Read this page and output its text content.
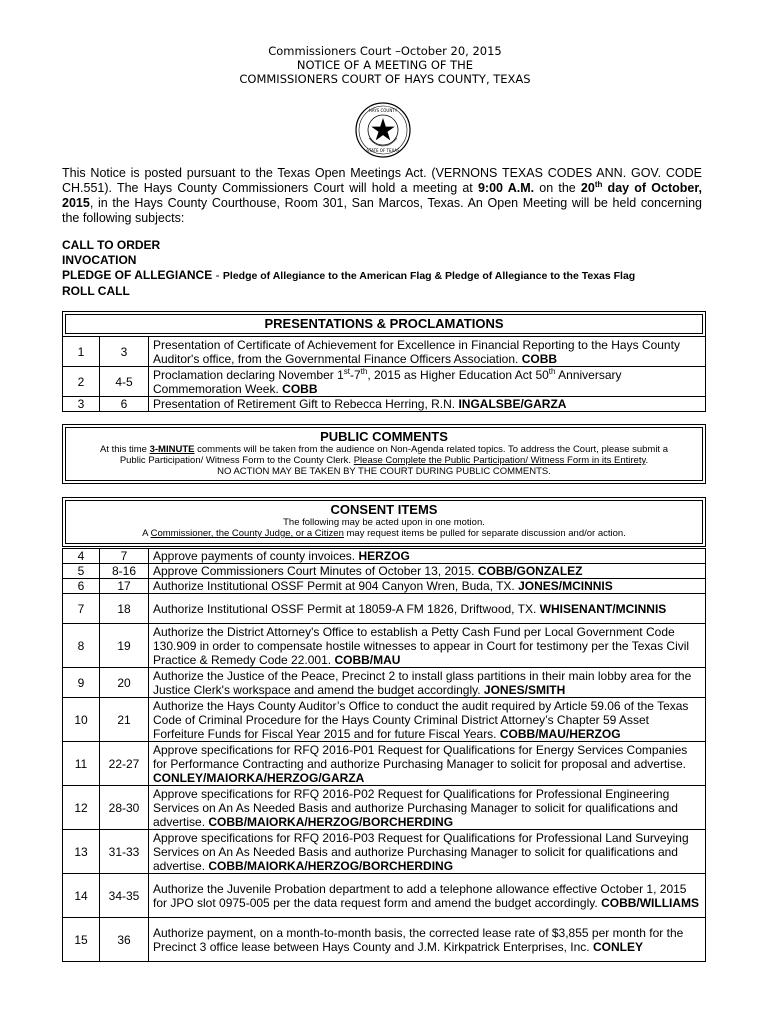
Commissioners Court –October 20, 2015
NOTICE OF A MEETING OF THE
COMMISSIONERS COURT OF HAYS COUNTY, TEXAS
HAYS COUNTY
STATE OF TEXAS
This Notice is posted pursuant to the Texas Open Meetings Act. (VERNONS TEXAS CODES ANN. GOV. CODE CH.551). The Hays County Commissioners Court will hold a meeting at 9:00 A.M. on the 20th day of October, 2015, in the Hays County Courthouse, Room 301, San Marcos, Texas. An Open Meeting will be held concerning the following subjects:
CALL TO ORDER
INVOCATION
PLEDGE OF ALLEGIANCE - Pledge of Allegiance to the American Flag & Pledge of Allegiance to the Texas Flag
ROLL CALL
PRESENTATIONS & PROCLAMATIONS
1	3	Presentation of Certificate of Achievement for Excellence in Financial Reporting to the Hays County Auditor's office, from the Governmental Finance Officers Association. COBB
2	4-5	Proclamation declaring November 1st-7th, 2015 as Higher Education Act 50th Anniversary Commemoration Week. COBB
3	6	Presentation of Retirement Gift to Rebecca Herring, R.N. INGALSBE/GARZA
PUBLIC COMMENTS
At this time 3-MINUTE comments will be taken from the audience on Non-Agenda related topics. To address the Court, please submit a
Public Participation/ Witness Form to the County Clerk. Please Complete the Public Participation/ Witness Form in its Entirety.
NO ACTION MAY BE TAKEN BY THE COURT DURING PUBLIC COMMENTS.
CONSENT ITEMS
The following may be acted upon in one motion.
A Commissioner, the County Judge, or a Citizen may request items be pulled for separate discussion and/or action.
4	7	Approve payments of county invoices. HERZOG
5	8-16	Approve Commissioners Court Minutes of October 13, 2015. COBB/GONZALEZ
6	17	Authorize Institutional OSSF Permit at 904 Canyon Wren, Buda, TX. JONES/MCINNIS
7	18	Authorize Institutional OSSF Permit at 18059-A FM 1826, Driftwood, TX. WHISENANT/MCINNIS
8	19	Authorize the District Attorney's Office to establish a Petty Cash Fund per Local Government Code 130.909 in order to compensate hostile witnesses to appear in Court for testimony per the Texas Civil Practice & Remedy Code 22.001. COBB/MAU
9	20	Authorize the Justice of the Peace, Precinct 2 to install glass partitions in their main lobby area for the Justice Clerk's workspace and amend the budget accordingly. JONES/SMITH
10	21	Authorize the Hays County Auditor’s Office to conduct the audit required by Article 59.06 of the Texas Code of Criminal Procedure for the Hays County Criminal District Attorney’s Chapter 59 Asset Forfeiture Funds for Fiscal Year 2015 and for future Fiscal Years. COBB/MAU/HERZOG
11	22-27	Approve specifications for RFQ 2016-P01 Request for Qualifications for Energy Services Companies for Performance Contracting and authorize Purchasing Manager to solicit for proposal and advertise. CONLEY/MAIORKA/HERZOG/GARZA
12	28-30	Approve specifications for RFQ 2016-P02 Request for Qualifications for Professional Engineering Services on An As Needed Basis and authorize Purchasing Manager to solicit for qualifications and advertise. COBB/MAIORKA/HERZOG/BORCHERDING
13	31-33	Approve specifications for RFQ 2016-P03 Request for Qualifications for Professional Land Surveying Services on An As Needed Basis and authorize Purchasing Manager to solicit for qualifications and advertise. COBB/MAIORKA/HERZOG/BORCHERDING
14	34-35	Authorize the Juvenile Probation department to add a telephone allowance effective October 1, 2015 for JPO slot 0975-005 per the data request form and amend the budget accordingly. COBB/WILLIAMS
15	36	Authorize payment, on a month-to-month basis, the corrected lease rate of $3,855 per month for the Precinct 3 office lease between Hays County and J.M. Kirkpatrick Enterprises, Inc. CONLEY
